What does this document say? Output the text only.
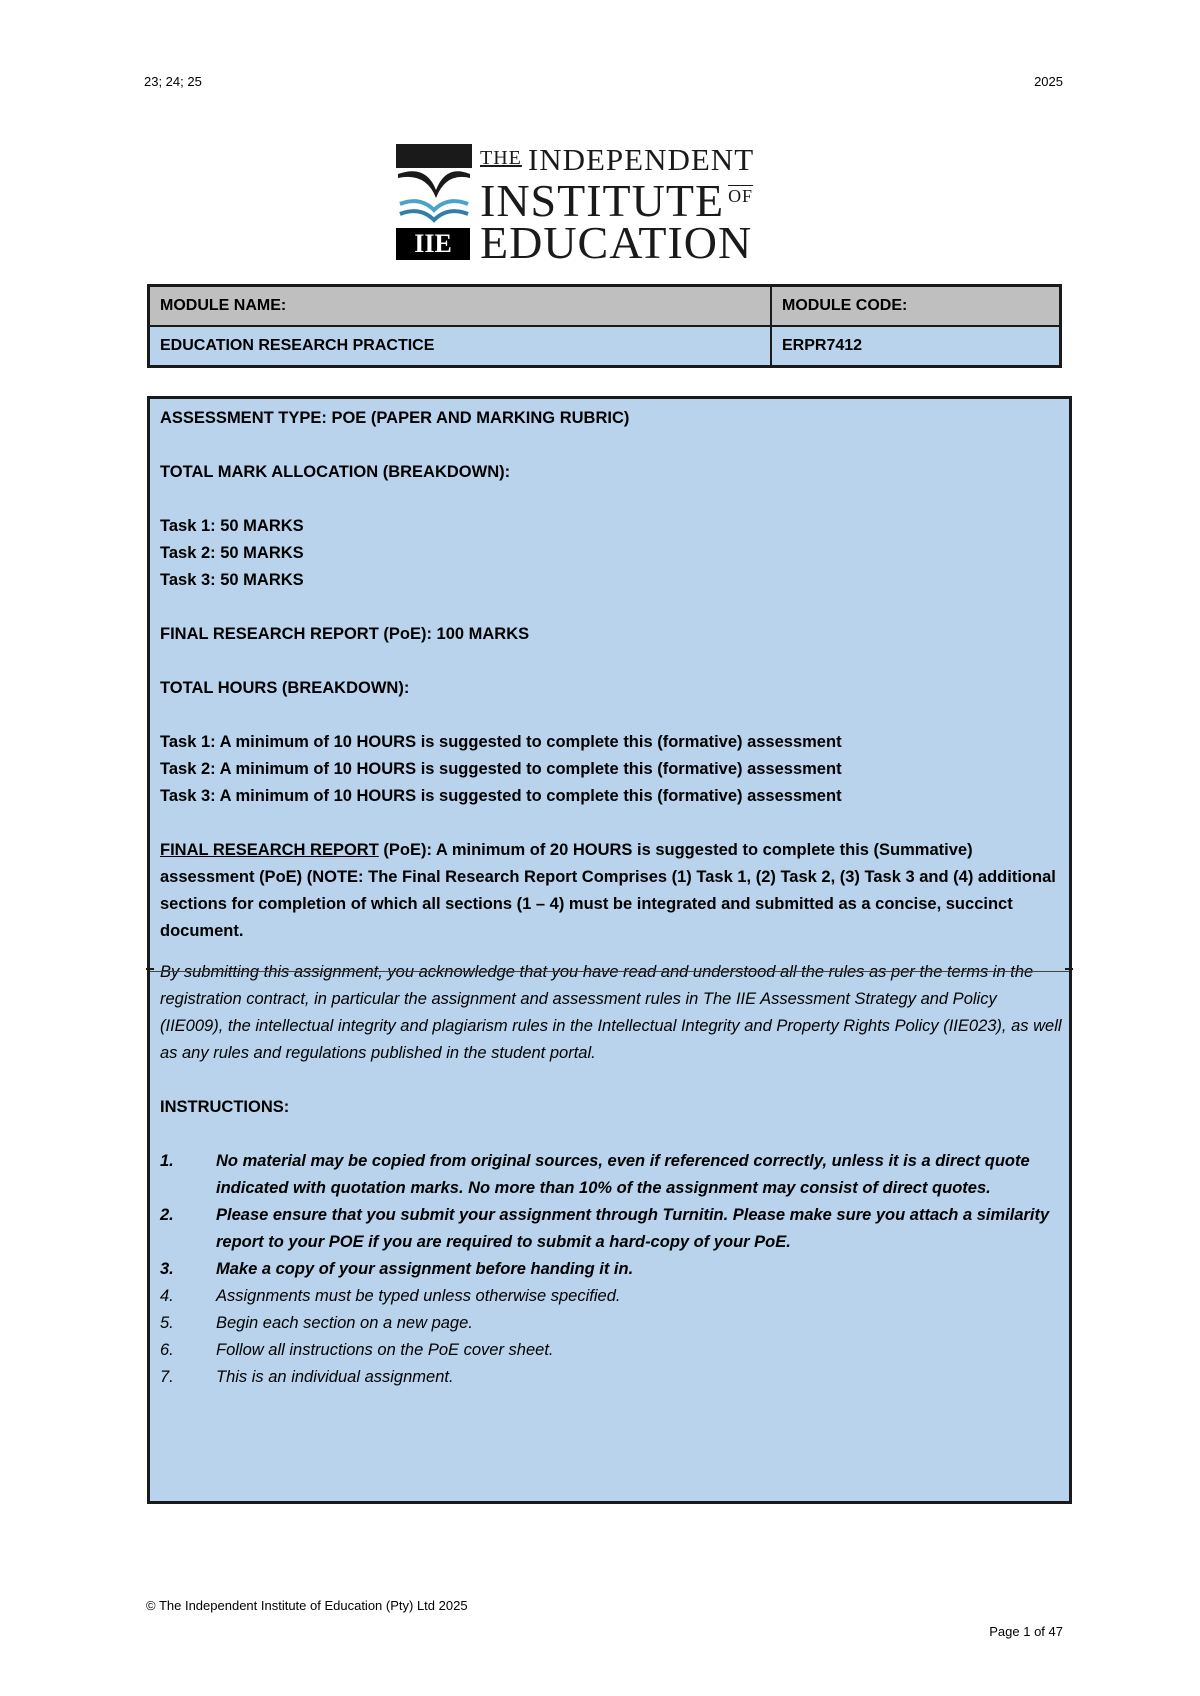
23; 24; 25	2025
IIE
THE INDEPENDENT
INSTITUTE $^{\overline{OF}}$
EDUCATION
MODULE NAME:	MODULE CODE:
EDUCATION RESEARCH PRACTICE	ERPR7412
ASSESSMENT TYPE: POE (PAPER AND MARKING RUBRIC)
TOTAL MARK ALLOCATION (BREAKDOWN):
Task 1: 50 MARKS
Task 2: 50 MARKS
Task 3: 50 MARKS
FINAL RESEARCH REPORT (PoE): 100 MARKS
TOTAL HOURS (BREAKDOWN):
Task 1: A minimum of 10 HOURS is suggested to complete this (formative) assessment
Task 2: A minimum of 10 HOURS is suggested to complete this (formative) assessment
Task 3: A minimum of 10 HOURS is suggested to complete this (formative) assessment
FINAL RESEARCH REPORT (PoE): A minimum of 20 HOURS is suggested to complete this (Summative) assessment (PoE) (NOTE: The Final Research Report Comprises (1) Task 1, (2) Task 2, (3) Task 3 and (4) additional sections for completion of which all sections (1 – 4) must be integrated and submitted as a concise, succinct document.
By submitting this assignment, you acknowledge that you have read and understood all the rules as per the terms in the registration contract, in particular the assignment and assessment rules in The IIE Assessment Strategy and Policy (IIE009), the intellectual integrity and plagiarism rules in the Intellectual Integrity and Property Rights Policy (IIE023), as well as any rules and regulations published in the student portal.
INSTRUCTIONS:
1.	No material may be copied from original sources, even if referenced correctly, unless it is a direct quote indicated with quotation marks. No more than 10% of the assignment may consist of direct quotes.
2.	Please ensure that you submit your assignment through Turnitin. Please make sure you attach a similarity report to your POE if you are required to submit a hard-copy of your PoE.
3.	Make a copy of your assignment before handing it in.
4.	Assignments must be typed unless otherwise specified.
5.	Begin each section on a new page.
6.	Follow all instructions on the PoE cover sheet.
7.	This is an individual assignment.
© The Independent Institute of Education (Pty) Ltd 2025
Page 1 of 47
